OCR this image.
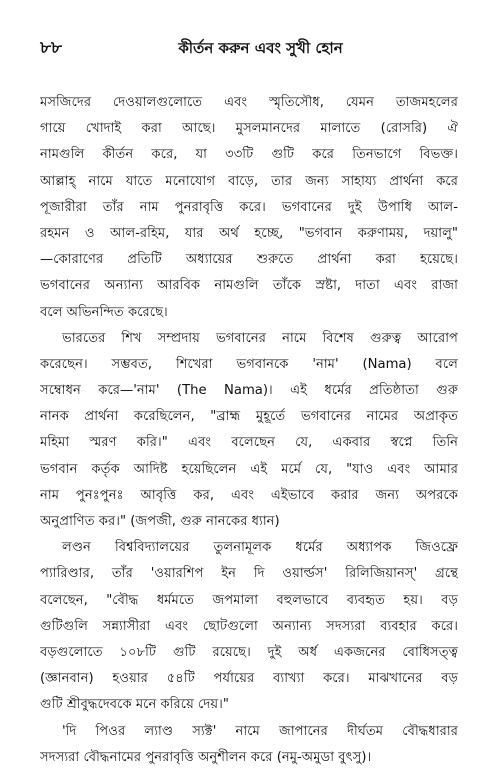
৮৮	কীর্তন করুন এবং সুখী হোন
মসজিদের দেওয়ালগুলোতে এবং স্মৃতিসৌধ, যেমন তাজমহলের
গায়ে খোদাই করা আছে। মুসলমানদের মালাতে (রোসরি) ঐ
নামগুলি কীর্তন করে, যা ৩৩টি গুটি করে তিনভাগে বিভক্ত।
আল্লাহ্ নামে যাতে মনোযোগ বাড়ে, তার জন্য সাহায্য প্রার্থনা করে
পূজারীরা তাঁর নাম পুনরাবৃত্তি করে। ভগবানের দুই উপাধি আল-
রহমন ও আল-রহিম, যার অর্থ হচ্ছে, "ভগবান করুণাময়, দয়ালু"
—কোরাণের প্রতিটি অধ্যায়ের শুরুতে প্রার্থনা করা হয়েছে।
ভগবানের অন্যান্য আরবিক নামগুলি তাঁকে স্রষ্টা, দাতা এবং রাজা
বলে অভিনন্দিত করেছে।
ভারতের শিখ সম্প্রদায় ভগবানের নামে বিশেষ গুরুত্ব আরোপ
করেছেন। সম্ভবত, শিখেরা ভগবানকে 'নাম' (Nama) বলে
সম্বোধন করে—'নাম' (The Nama)। এই ধর্মের প্রতিষ্ঠাতা গুরু
নানক প্রার্থনা করেছিলেন, "ব্রাহ্ম মুহূর্তে ভগবানের নামের অপ্রাকৃত
মহিমা স্মরণ করি।" এবং বলেছেন যে, একবার স্বপ্নে তিনি
ভগবান কর্তৃক আদিষ্ট হয়েছিলেন এই মর্মে যে, "যাও এবং আমার
নাম পুনঃপুনঃ আবৃত্তি কর, এবং এইভাবে করার জন্য অপরকে
অনুপ্রাণিত কর।" (জপজী, গুরু নানকের ধ্যান)
লণ্ডন বিশ্ববিদ্যালয়ের তুলনামূলক ধর্মের অধ্যাপক জিওফ্রে
প্যারিণ্ডার, তাঁর 'ওয়ারশিপ ইন দি ওয়ার্ল্ডস' রিলিজিয়ানস্' গ্রন্থে
বলেছেন, "বৌদ্ধ ধর্মমতে জপমালা বহুলভাবে ব্যবহৃত হয়। বড়
গুটিগুলি সন্ন্যাসীরা এবং ছোটগুলো অন্যান্য সদস্যরা ব্যবহার করে।
বড়গুলোতে ১০৮টি গুটি রয়েছে। দুই অর্ধ একজনের বোধিসত্ত্ব
(জ্ঞানবান) হওয়ার ৫৪টি পর্যায়ের ব্যাখ্যা করে। মাঝখানের বড়
গুটি শ্রীবুদ্ধদেবকে মনে করিয়ে দেয়।"
'দি পিওর ল্যাণ্ড স্যক্ট' নামে জাপানের দীর্ঘতম বৌদ্ধধারার
সদস্যরা বৌদ্ধনামের পুনরাবৃত্তি অনুশীলন করে (নমু-অমুডা বুৎসু)।
